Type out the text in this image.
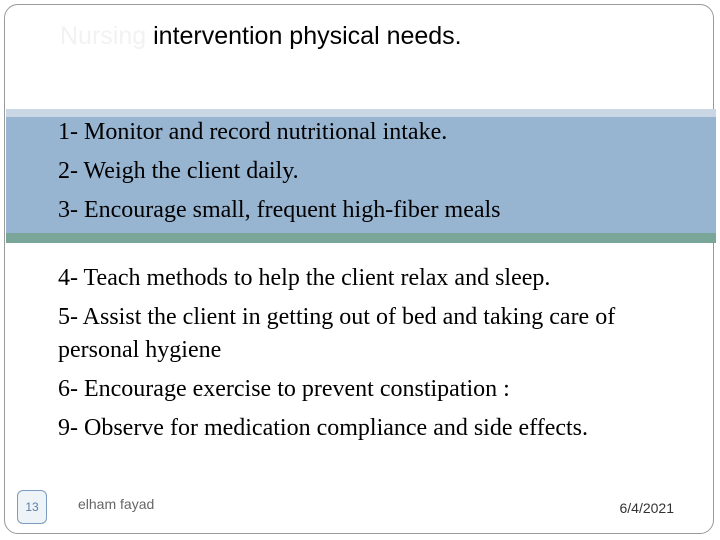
Nursing intervention physical needs.
1- Monitor and record nutritional intake.
2- Weigh the client daily.
3- Encourage small, frequent high-fiber meals
4- Teach methods to help the client relax and sleep.
5- Assist the client in getting out of bed and taking care of personal hygiene
6- Encourage exercise to prevent constipation :
9- Observe for medication compliance and side effects.
13	elham fayad	6/4/2021
